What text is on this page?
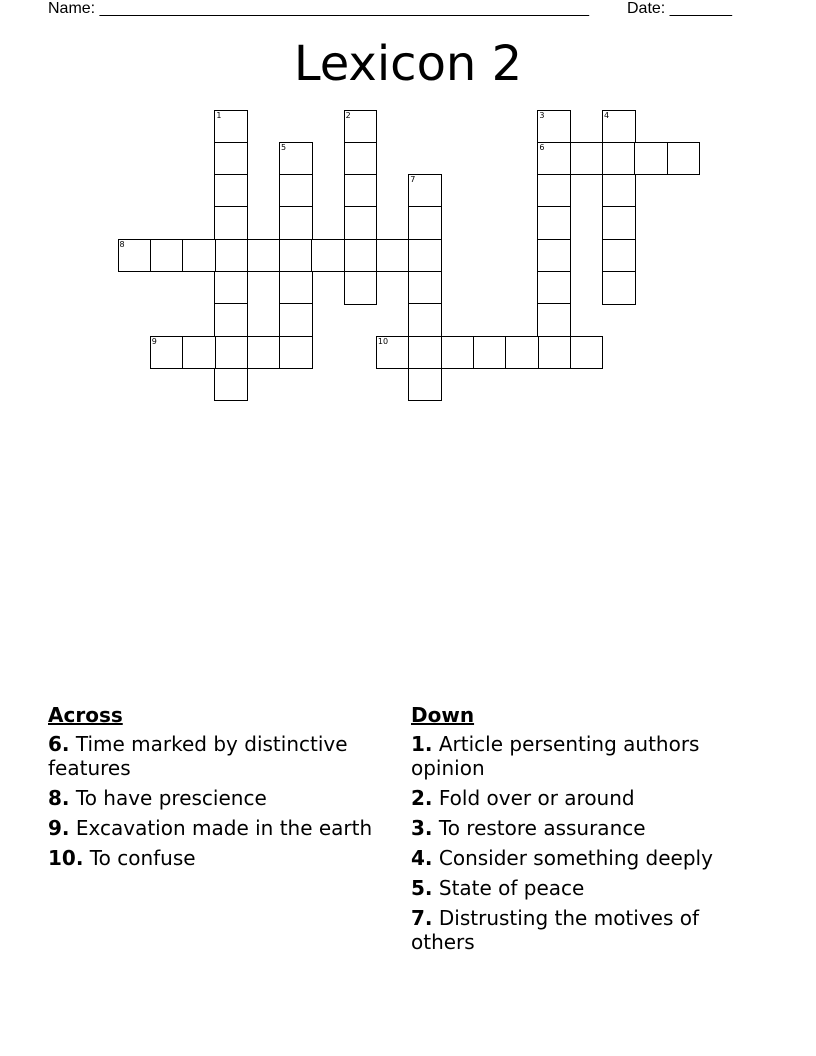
Name: _______________________________________________________ Date: _______
Lexicon 2
1	2	3
6
4
5
7
8
9	10
Across
6. Time marked by distinctive features
8. To have prescience
9. Excavation made in the earth
10. To confuse
Down
1. Article persenting authors opinion
2. Fold over or around
3. To restore assurance
4. Consider something deeply
5. State of peace
7. Distrusting the motives of others
